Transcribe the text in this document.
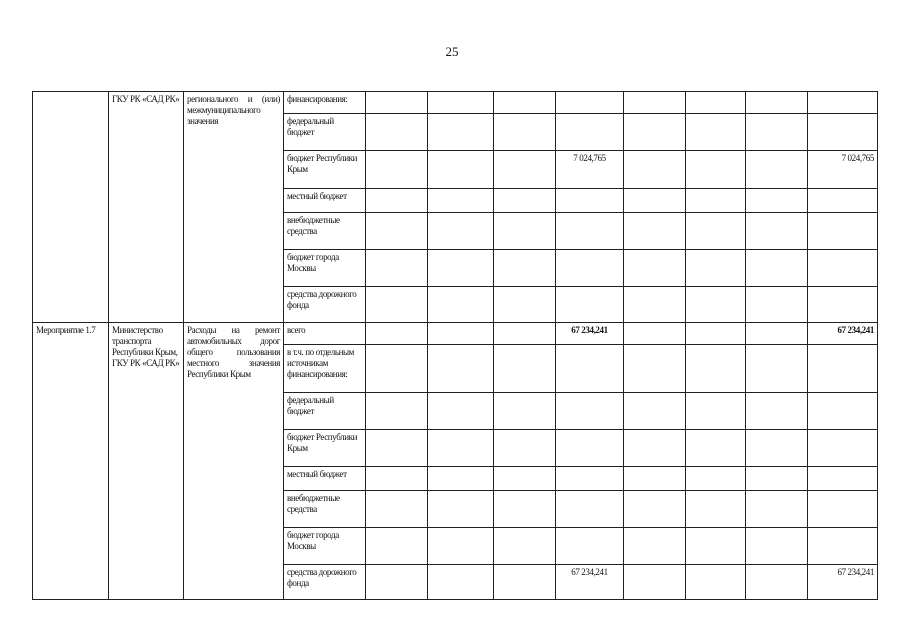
25
	ГКУ РК «САД РК»	регионального и (или) межмуниципального значения	финансирования:								
			федеральный бюджет								
			бюджет Республики Крым				7 024,765				7 024,765
			местный бюджет								
			внебюджетные средства								
			бюджет города Москвы								
			средства дорожного фонда								
Мероприятие 1.7	Министерство транспорта Республики Крым, ГКУ РК «САД РК»	Расходы на ремонт автомобильных дорог общего пользования местного значения Республики Крым	всего				67 234,241				67 234,241
			в т.ч. по отдельным источникам финансирования:								
			федеральный бюджет								
			бюджет Республики Крым								
			местный бюджет								
			внебюджетные средства								
			бюджет города Москвы								
			средства дорожного фонда				67 234,241				67 234,241
